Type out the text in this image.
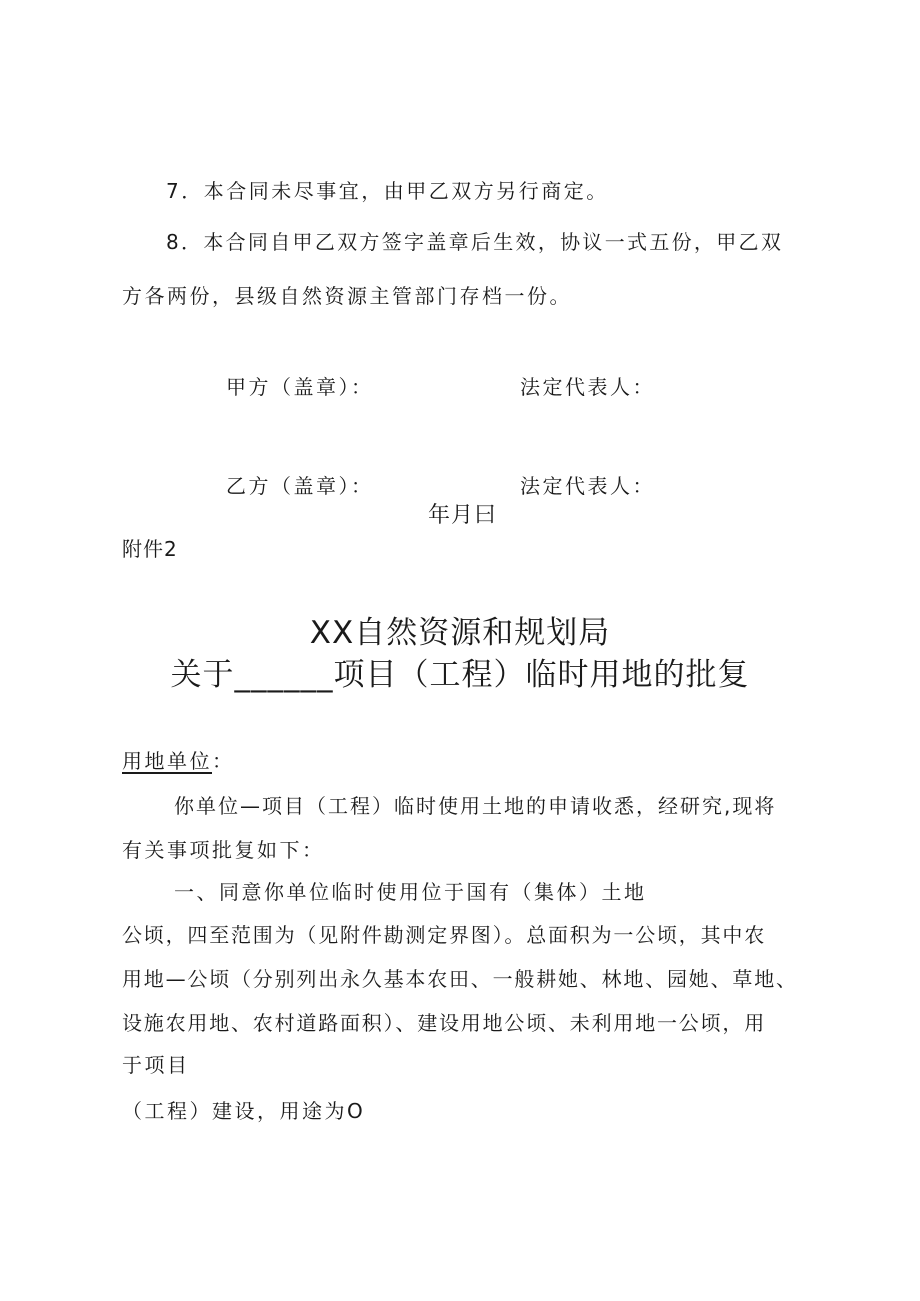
7．本合同未尽事宜，由甲乙双方另行商定。
8．本合同自甲乙双方签字盖章后生效，协议一式五份，甲乙双
方各两份，县级自然资源主管部门存档一份。
甲方（盖章）：	法定代表人：
乙方（盖章）：	法定代表人：
年月曰
附件2
XX自然资源和规划局
关于______项目（工程）临时用地的批复
用地单位：
你单位—项目（工程）临时使用土地的申请收悉，经研究,现将
有关事项批复如下：
一、同意你单位临时使用位于国有（集体）土地
公顷，四至范围为（见附件勘测定界图）。总面积为一公顷，其中农
用地—公顷（分别列出永久基本农田、一般耕她、林地、园她、草地、
设施农用地、农村道路面积）、建设用地公顷、未利用地一公顷，用
于项目
（工程）建设，用途为O
